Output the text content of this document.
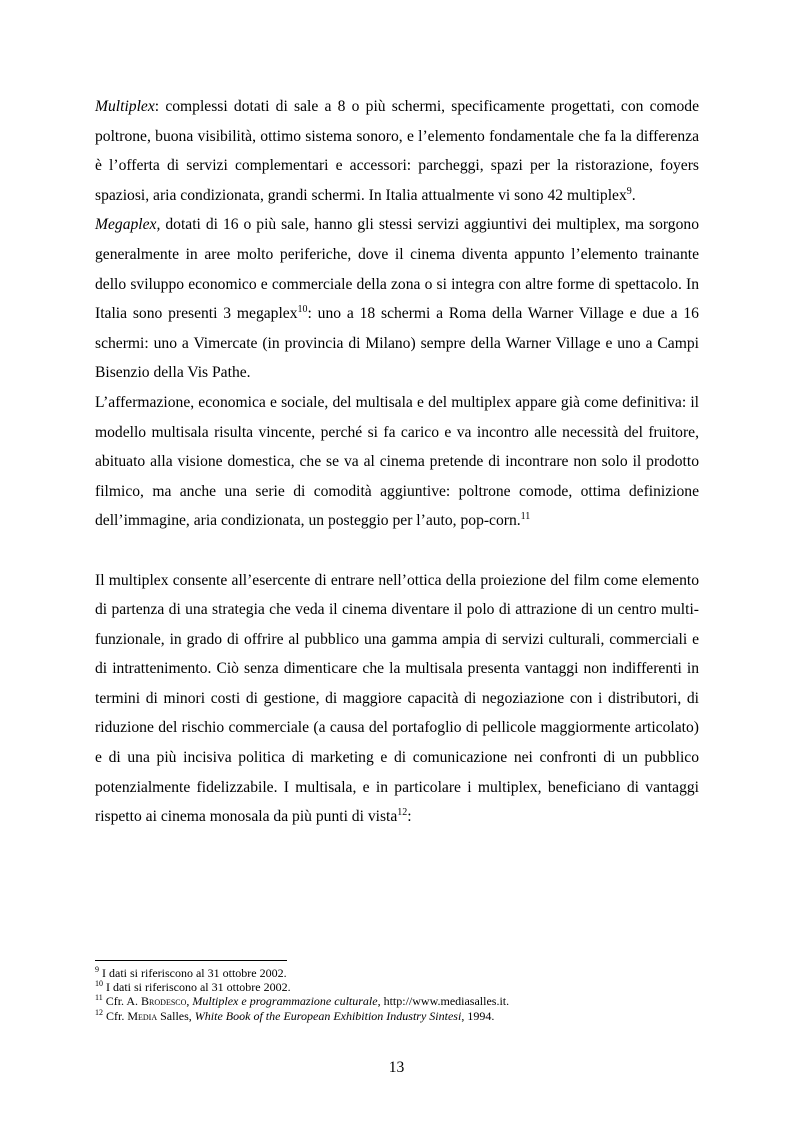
Multiplex: complessi dotati di sale a 8 o più schermi, specificamente progettati, con comode poltrone, buona visibilità, ottimo sistema sonoro, e l’elemento fondamentale che fa la differenza è l’offerta di servizi complementari e accessori: parcheggi, spazi per la ristorazione, foyers spaziosi, aria condizionata, grandi schermi. In Italia attualmente vi sono 42 multiplex$^9$.

Megaplex, dotati di 16 o più sale, hanno gli stessi servizi aggiuntivi dei multiplex, ma sorgono generalmente in aree molto periferiche, dove il cinema diventa appunto l’elemento trainante dello sviluppo economico e commerciale della zona o si integra con altre forme di spettacolo. In Italia sono presenti 3 megaplex$^{10}$: uno a 18 schermi a Roma della Warner Village e due a 16 schermi: uno a Vimercate (in provincia di Milano) sempre della Warner Village e uno a Campi Bisenzio della Vis Pathe.

L’affermazione, economica e sociale, del multisala e del multiplex appare già come definitiva: il modello multisala risulta vincente, perché si fa carico e va incontro alle necessità del fruitore, abituato alla visione domestica, che se va al cinema pretende di incontrare non solo il prodotto filmico, ma anche una serie di comodità aggiuntive: poltrone comode, ottima definizione dell’immagine, aria condizionata, un posteggio per l’auto, pop-corn.$^{11}$

Il multiplex consente all’esercente di entrare nell’ottica della proiezione del film come elemento di partenza di una strategia che veda il cinema diventare il polo di attrazione di un centro multi-funzionale, in grado di offrire al pubblico una gamma ampia di servizi culturali, commerciali e di intrattenimento. Ciò senza dimenticare che la multisala presenta vantaggi non indifferenti in termini di minori costi di gestione, di maggiore capacità di negoziazione con i distributori, di riduzione del rischio commerciale (a causa del portafoglio di pellicole maggiormente articolato) e di una più incisiva politica di marketing e di comunicazione nei confronti di un pubblico potenzialmente fidelizzabile. I multisala, e in particolare i multiplex, beneficiano di vantaggi rispetto ai cinema monosala da più punti di vista$^{12}$:

$^9$ I dati si riferiscono al 31 ottobre 2002.
$^{10}$ I dati si riferiscono al 31 ottobre 2002.
$^{11}$ Cfr. A. Brodesco, Multiplex e programmazione culturale, http://www.mediasalles.it.
$^{12}$ Cfr. Media Salles, White Book of the European Exhibition Industry Sintesi, 1994.
13
